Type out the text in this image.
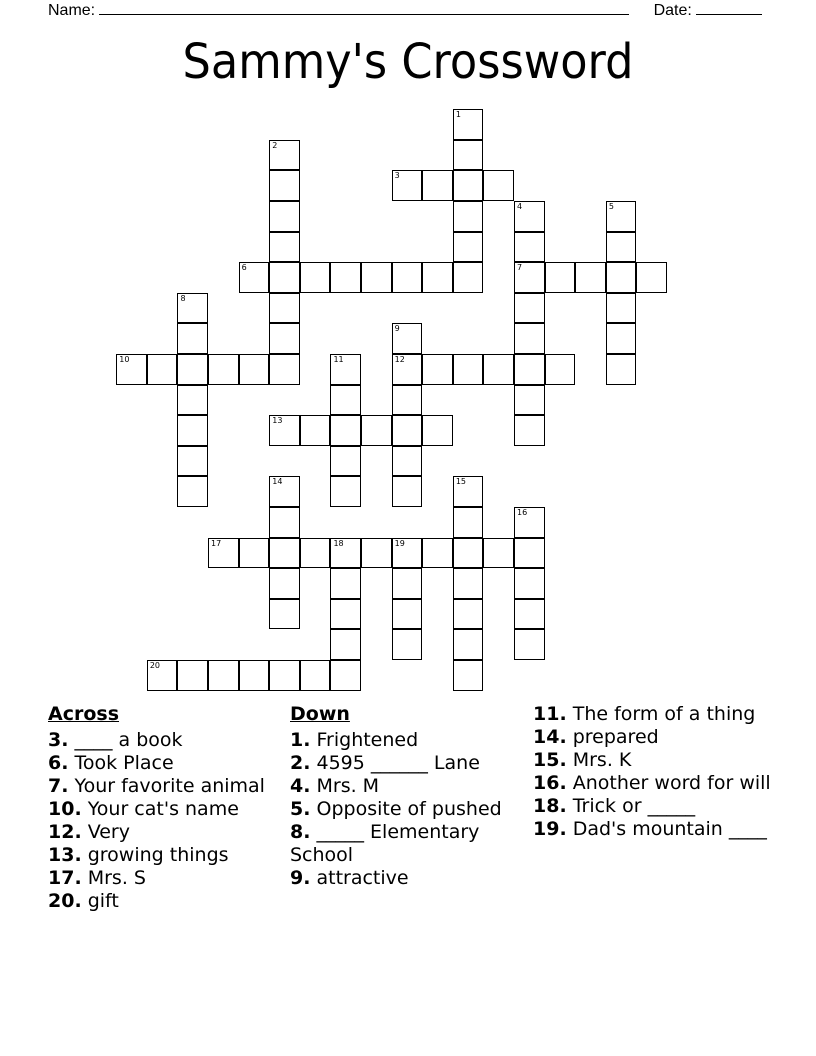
Name:	Date:
Sammy's Crossword
1
2
3
4
7
5
6
8
9
12
10	11
13
14	15
16
17	18	19
20
Across
3. ____ a book
6. Took Place
7. Your favorite animal
10. Your cat's name
12. Very
13. growing things
17. Mrs. S
20. gift
Down
1. Frightened
2. 4595 ______ Lane
4. Mrs. M
5. Opposite of pushed
8. _____ Elementary School
9. attractive
11. The form of a thing
14. prepared
15. Mrs. K
16. Another word for will
18. Trick or _____
19. Dad's mountain ____
